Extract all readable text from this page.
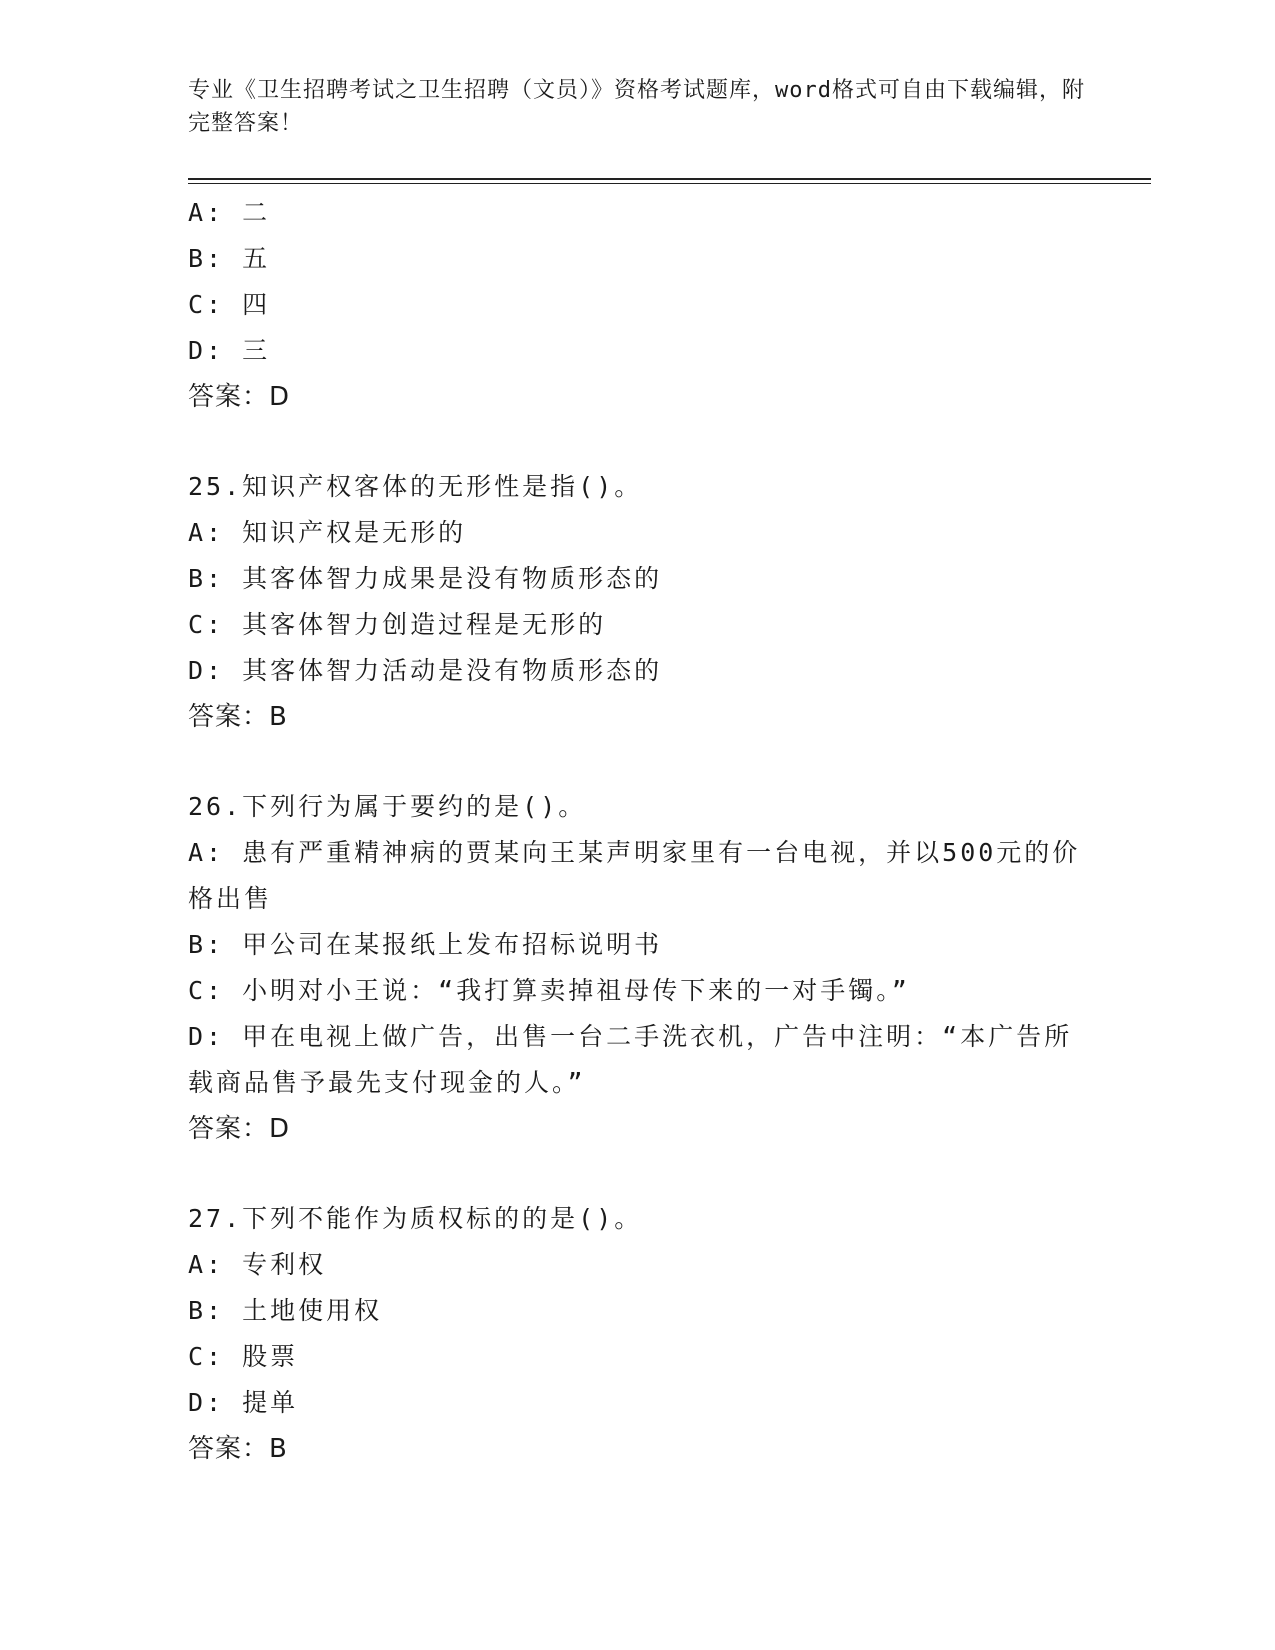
专业《卫生招聘考试之卫生招聘（文员）》资格考试题库，word格式可自由下载编辑，附完整答案！
A: 二
B: 五
C: 四
D: 三
答案：D
25.知识产权客体的无形性是指()。
A: 知识产权是无形的
B: 其客体智力成果是没有物质形态的
C: 其客体智力创造过程是无形的
D: 其客体智力活动是没有物质形态的
答案：B
26.下列行为属于要约的是()。
A: 患有严重精神病的贾某向王某声明家里有一台电视，并以500元的价格出售
B: 甲公司在某报纸上发布招标说明书
C: 小明对小王说：“我打算卖掉祖母传下来的一对手镯。”
D: 甲在电视上做广告，出售一台二手洗衣机，广告中注明：“本广告所载商品售予最先支付现金的人。”
答案：D
27.下列不能作为质权标的的是()。
A: 专利权
B: 土地使用权
C: 股票
D: 提单
答案：B
